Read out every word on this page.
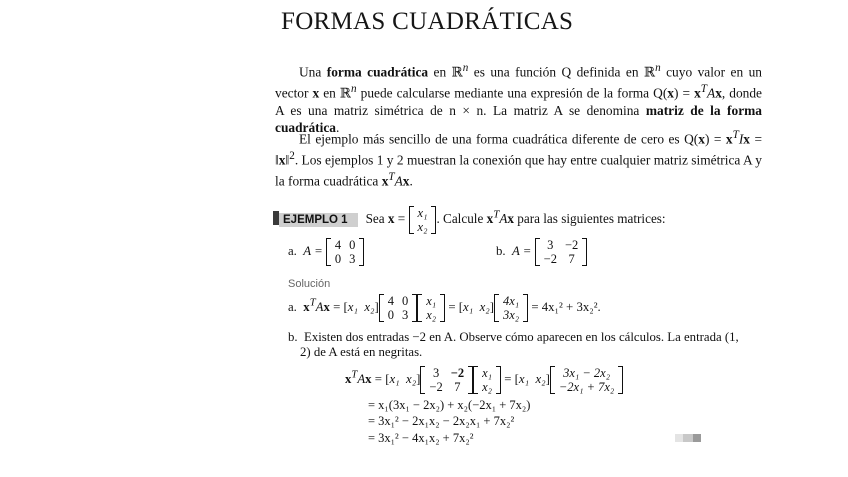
FORMAS CUADRÁTICAS
Una forma cuadrática en ℝ$^n$ es una función Q definida en ℝ$^n$ cuyo valor en un vector x en ℝ$^n$ puede calcularse mediante una expresión de la forma $Q(x) = x^TAx$, donde A es una matriz simétrica de n × n. La matriz A se denomina matriz de la forma cuadrática.
El ejemplo más sencillo de una forma cuadrática diferente de cero es $Q(x) = x^TIx$ = ‖x‖$^2$. Los ejemplos 1 y 2 muestran la conexión que hay entre cualquier matriz simétrica A y la forma cuadrática $x^TAx$.
EJEMPLO 1 Sea x = x₁
x₂
. Calcule $x^TAx$ para las siguientes matrices:
a. A = 4	0
0	3
b. A = 3	−2
−2	7
Solución
a. $x^TAx = [x_1$ x₂] 4	0
0	3
x₁
x₂
= [x₁ x₂] 4x₁
3x₂
= 4x₁² + 3x₂².
b. Existen dos entradas −2 en A. Observe cómo aparecen en los cálculos. La entrada (1,
2) de A está en negritas.
$x^TAx = [x_1$ x₂] 3	−2
−2	7
x₁
x₂
= [x₁ x₂] 3x₁ − 2x₂
−2x₁ + 7x₂
= x₁(3x₁ − 2x₂) + x₂(−2x₁ + 7x₂)
= 3x₁² − 2x₁x₂ − 2x₂x₁ + 7x₂²
= 3x₁² − 4x₁x₂ + 7x₂²
